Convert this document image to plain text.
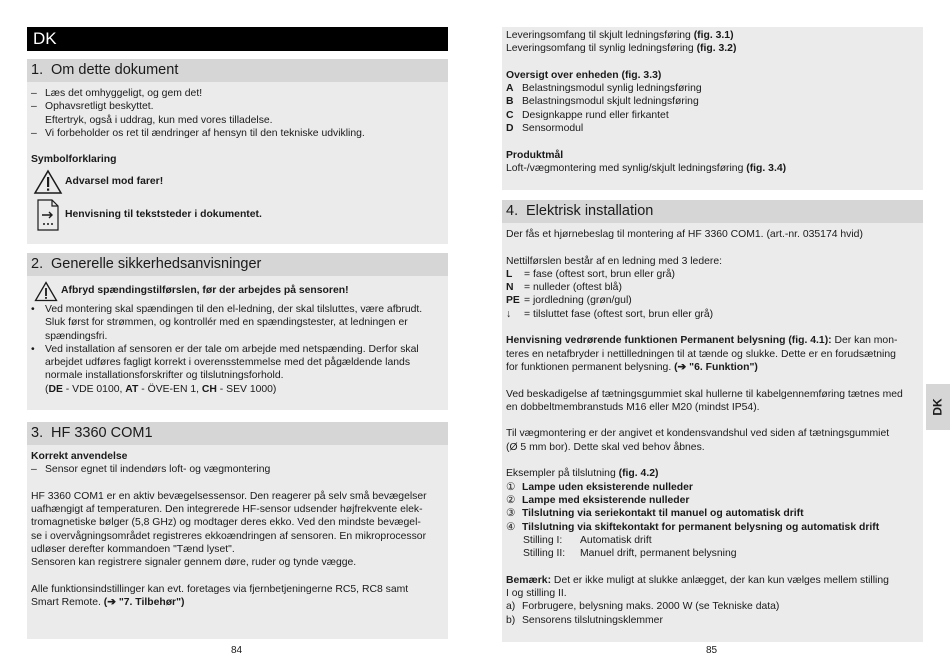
DK
1. Om dette dokument
– Læs det omhyggeligt, og gem det!
– Ophavsretligt beskyttet.
Eftertryk, også i uddrag, kun med vores tilladelse.
– Vi forbeholder os ret til ændringer af hensyn til den tekniske udvikling.
Symbolforklaring
Advarsel mod farer!
Henvisning til tekststeder i dokumentet.
2. Generelle sikkerhedsanvisninger
Afbryd spændingstilførslen, før der arbejdes på sensoren!
• Ved montering skal spændingen til den el-ledning, der skal tilsluttes, være afbrudt.
Sluk først for strømmen, og kontrollér med en spændingstester, at ledningen er
spændingsfri.
• Ved installation af sensoren er der tale om arbejde med netspænding. Derfor skal
arbejdet udføres fagligt korrekt i overensstemmelse med det pågældende lands
normale installationsforskrifter og tilslutningsforhold.
(DE - VDE 0100, AT - ÖVE-EN 1, CH - SEV 1000)
3. HF 3360 COM1
Korrekt anvendelse
– Sensor egnet til indendørs loft- og vægmontering
HF 3360 COM1 er en aktiv bevægelsessensor. Den reagerer på selv små bevægelser
uafhængigt af temperaturen. Den integrerede HF-sensor udsender højfrekvente elek-
tromagnetiske bølger (5,8 GHz) og modtager deres ekko. Ved den mindste bevægel-
se i overvågningsområdet registreres ekkoændringen af sensoren. En mikroprocessor
udløser derefter kommandoen "Tænd lyset".
Sensoren kan registrere signaler gennem døre, ruder og tynde vægge.
Alle funktionsindstillinger kan evt. foretages via fjernbetjeningerne RC5, RC8 samt
Smart Remote. (➔ "7. Tilbehør")
84
Leveringsomfang til skjult ledningsføring (fig. 3.1)
Leveringsomfang til synlig ledningsføring (fig. 3.2)
Oversigt over enheden (fig. 3.3)
A Belastningsmodul synlig ledningsføring
B Belastningsmodul skjult ledningsføring
C Designkappe rund eller firkantet
D Sensormodul
Produktmål
Loft-/vægmontering med synlig/skjult ledningsføring (fig. 3.4)
4. Elektrisk installation
Der fås et hjørnebeslag til montering af HF 3360 COM1. (art.-nr. 035174 hvid)
Nettilførslen består af en ledning med 3 ledere:
L = fase (oftest sort, brun eller grå)
N = nulleder (oftest blå)
PE = jordledning (grøn/gul)
↓ = tilsluttet fase (oftest sort, brun eller grå)
Henvisning vedrørende funktionen Permanent belysning (fig. 4.1): Der kan mon-
teres en netafbryder i nettilledningen til at tænde og slukke. Dette er en forudsætning
for funktionen permanent belysning. (➔ "6. Funktion")
Ved beskadigelse af tætningsgummiet skal hullerne til kabelgennemføring tætnes med
en dobbeltmembranstuds M16 eller M20 (mindst IP54).
Til vægmontering er der angivet et kondensvandshul ved siden af tætningsgummiet
(Ø 5 mm bor). Dette skal ved behov åbnes.
Eksempler på tilslutning (fig. 4.2)
① Lampe uden eksisterende nulleder
② Lampe med eksisterende nulleder
③ Tilslutning via seriekontakt til manuel og automatisk drift
④ Tilslutning via skiftekontakt for permanent belysning og automatisk drift
Stilling I: Automatisk drift
Stilling II: Manuel drift, permanent belysning
Bemærk: Det er ikke muligt at slukke anlægget, der kan kun vælges mellem stilling
I og stilling II.
a) Forbrugere, belysning maks. 2000 W (se Tekniske data)
b) Sensorens tilslutningsklemmer
85
DK
